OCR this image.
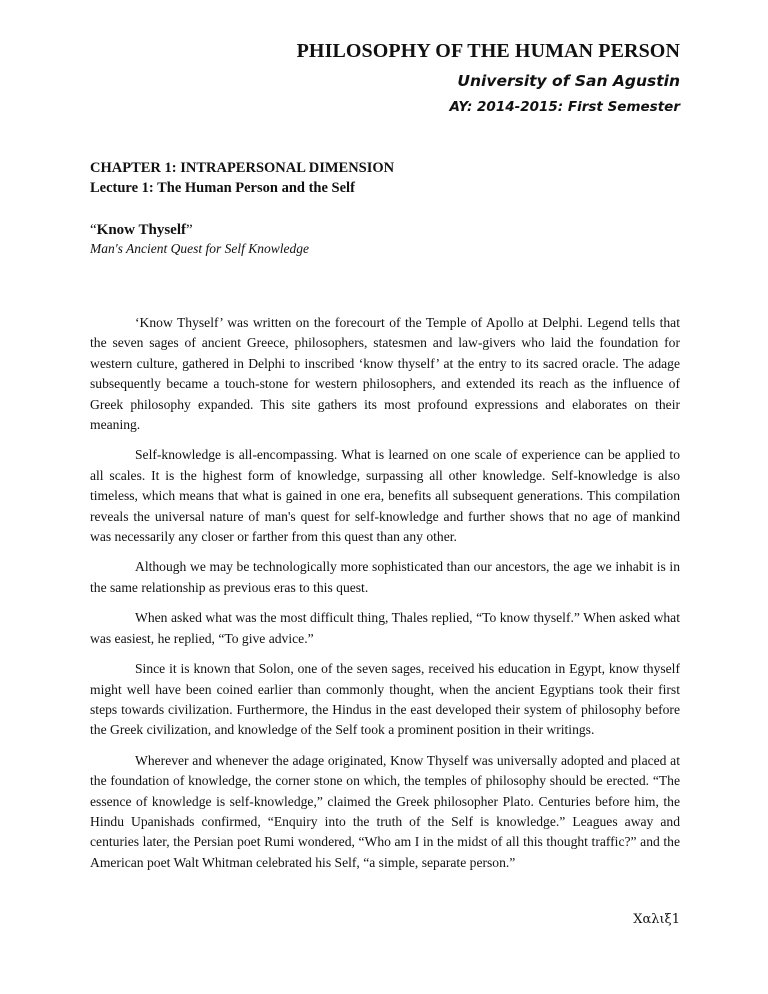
PHILOSOPHY OF THE HUMAN PERSON
University of San Agustin
AY: 2014-2015: First Semester
CHAPTER 1: INTRAPERSONAL DIMENSION
Lecture 1: The Human Person and the Self
“Know Thyself”
Man's Ancient Quest for Self Knowledge

‘Know Thyself’ was written on the forecourt of the Temple of Apollo at Delphi. Legend tells that the seven sages of ancient Greece, philosophers, statesmen and law-givers who laid the foundation for western culture, gathered in Delphi to inscribed ‘know thyself’ at the entry to its sacred oracle. The adage subsequently became a touch-stone for western philosophers, and extended its reach as the influence of Greek philosophy expanded. This site gathers its most profound expressions and elaborates on their meaning.

Self-knowledge is all-encompassing. What is learned on one scale of experience can be applied to all scales. It is the highest form of knowledge, surpassing all other knowledge. Self-knowledge is also timeless, which means that what is gained in one era, benefits all subsequent generations. This compilation reveals the universal nature of man's quest for self-knowledge and further shows that no age of mankind was necessarily any closer or farther from this quest than any other.

Although we may be technologically more sophisticated than our ancestors, the age we inhabit is in the same relationship as previous eras to this quest.

When asked what was the most difficult thing, Thales replied, “To know thyself.” When asked what was easiest, he replied, “To give advice.”

Since it is known that Solon, one of the seven sages, received his education in Egypt, know thyself might well have been coined earlier than commonly thought, when the ancient Egyptians took their first steps towards civilization. Furthermore, the Hindus in the east developed their system of philosophy before the Greek civilization, and knowledge of the Self took a prominent position in their writings.

Wherever and whenever the adage originated, Know Thyself was universally adopted and placed at the foundation of knowledge, the corner stone on which, the temples of philosophy should be erected. “The essence of knowledge is self-knowledge,” claimed the Greek philosopher Plato. Centuries before him, the Hindu Upanishads confirmed, “Enquiry into the truth of the Self is knowledge.” Leagues away and centuries later, the Persian poet Rumi wondered, “Who am I in the midst of all this thought traffic?” and the American poet Walt Whitman celebrated his Self, “a simple, separate person.”

Χαλιξ1
